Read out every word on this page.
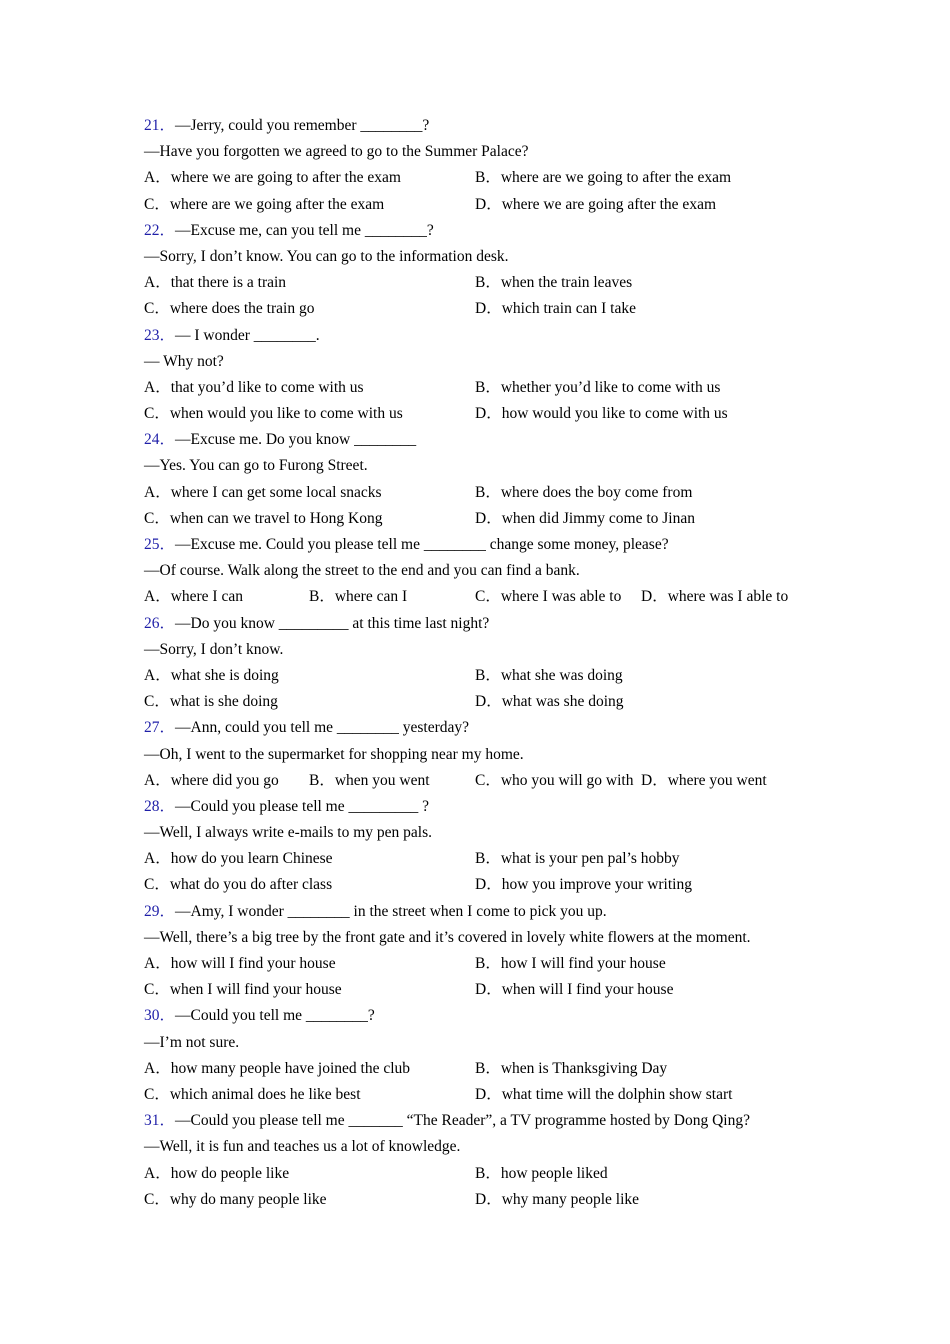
21．—Jerry, could you remember ________?
—Have you forgotten we agreed to go to the Summer Palace?
A．where we are going to after the exam	B．where are we going to after the exam
C．where are we going after the exam	D．where we are going after the exam
22．—Excuse me, can you tell me ________?
—Sorry, I don’t know. You can go to the information desk.
A．that there is a train	B．when the train leaves
C．where does the train go	D．which train can I take
23．— I wonder ________.
— Why not?
A．that you’d like to come with us	B．whether you’d like to come with us
C．when would you like to come with us	D．how would you like to come with us
24．—Excuse me. Do you know ________
—Yes. You can go to Furong Street.
A．where I can get some local snacks	B．where does the boy come from
C．when can we travel to Hong Kong	D．when did Jimmy come to Jinan
25．—Excuse me. Could you please tell me ________ change some money, please?
—Of course. Walk along the street to the end and you can find a bank.
A．where I can	B．where can I	C．where I was able to D．where was I able to
26．—Do you know _________ at this time last night?
—Sorry, I don’t know.
A．what she is doing	B．what she was doing
C．what is she doing	D．what was she doing
27．—Ann, could you tell me ________ yesterday?
—Oh, I went to the supermarket for shopping near my home.
A．where did you go B．when you went	C．who you will go with D．where you went
28．—Could you please tell me _________ ?
—Well, I always write e-mails to my pen pals.
A．how do you learn Chinese	B．what is your pen pal’s hobby
C．what do you do after class	D．how you improve your writing
29．—Amy, I wonder ________ in the street when I come to pick you up.
—Well, there’s a big tree by the front gate and it’s covered in lovely white flowers at the moment.
A．how will I find your house	B．how I will find your house
C．when I will find your house	D．when will I find your house
30．—Could you tell me ________?
—I’m not sure.
A．how many people have joined the club	B．when is Thanksgiving Day
C．which animal does he like best	D．what time will the dolphin show start
31．—Could you please tell me _______ “The Reader”, a TV programme hosted by Dong Qing?
—Well, it is fun and teaches us a lot of knowledge.
A．how do people like	B．how people liked
C．why do many people like	D．why many people like
